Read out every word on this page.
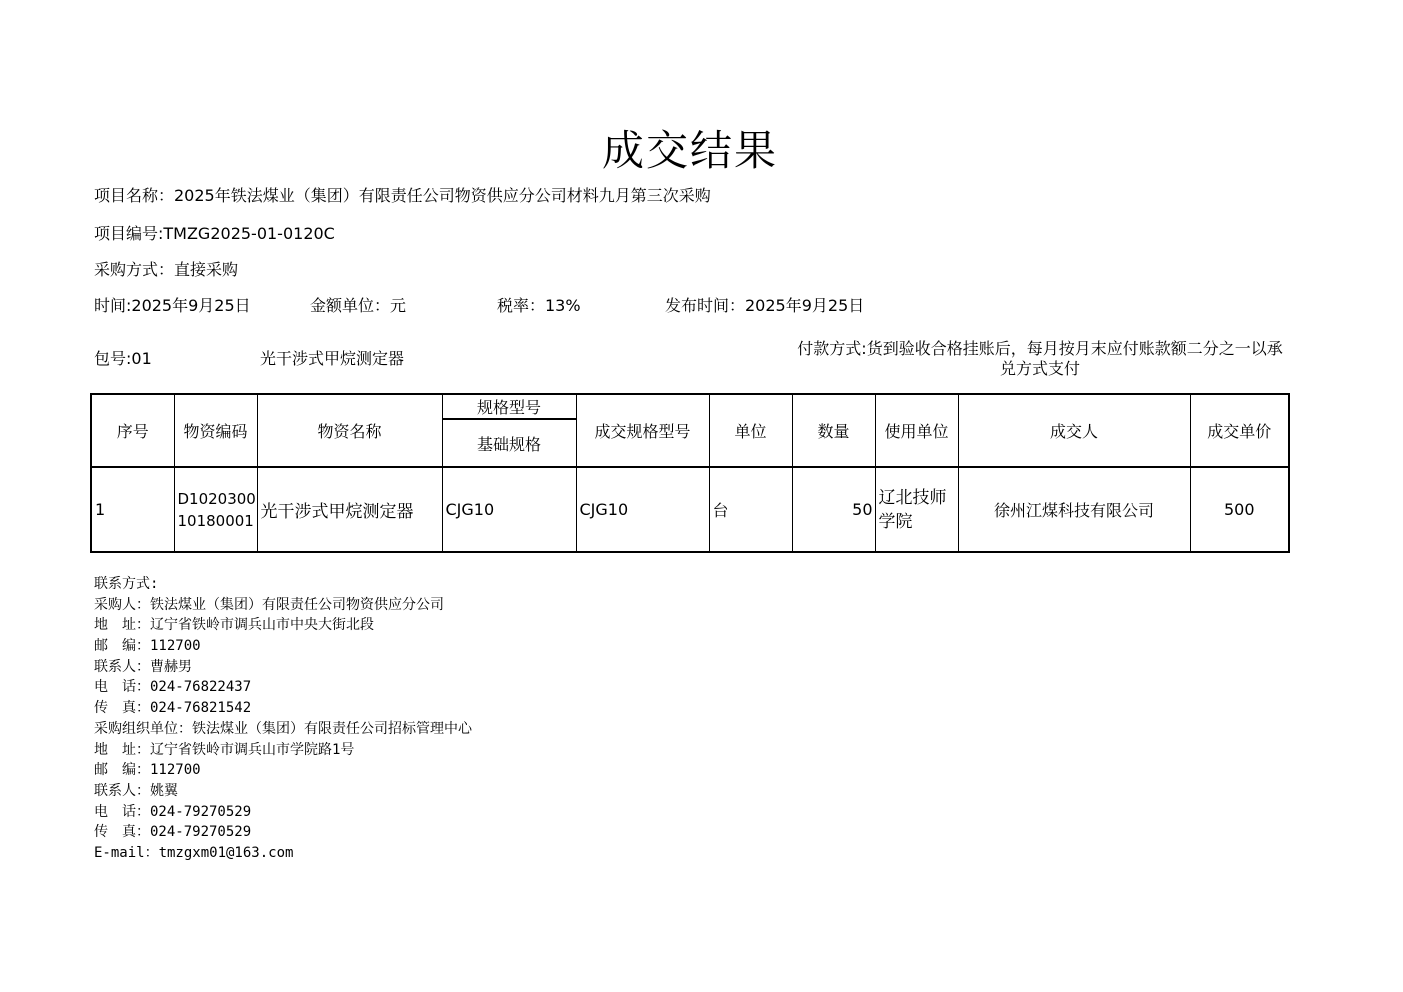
成交结果
项目名称：2025年铁法煤业（集团）有限责任公司物资供应分公司材料九月第三次采购
项目编号:TMZG2025-01-0120C
采购方式：直接采购
时间:2025年9月25日	金额单位：元	税率：13%	发布时间：2025年9月25日
包号:01	光干涉式甲烷测定器
付款方式:货到验收合格挂账后，每月按月末应付账款额二分之一以承兑方式支付
序号	物资编码	物资名称	规格型号	成交规格型号	单位	数量	使用单位	成交人	成交单价
			基础规格						
1	D102030010180001	光干涉式甲烷测定器	CJG10	CJG10	台	50	辽北技师学院	徐州江煤科技有限公司	500
联系方式:
采购人：铁法煤业（集团）有限责任公司物资供应分公司
地　址：辽宁省铁岭市调兵山市中央大街北段
邮　编：112700
联系人：曹赫男
电　话：024-76822437
传　真：024-76821542
采购组织单位：铁法煤业（集团）有限责任公司招标管理中心
地　址：辽宁省铁岭市调兵山市学院路1号
邮　编：112700
联系人：姚翼
电　话：024-79270529
传　真：024-79270529
E-mail：tmzgxm01@163.com
